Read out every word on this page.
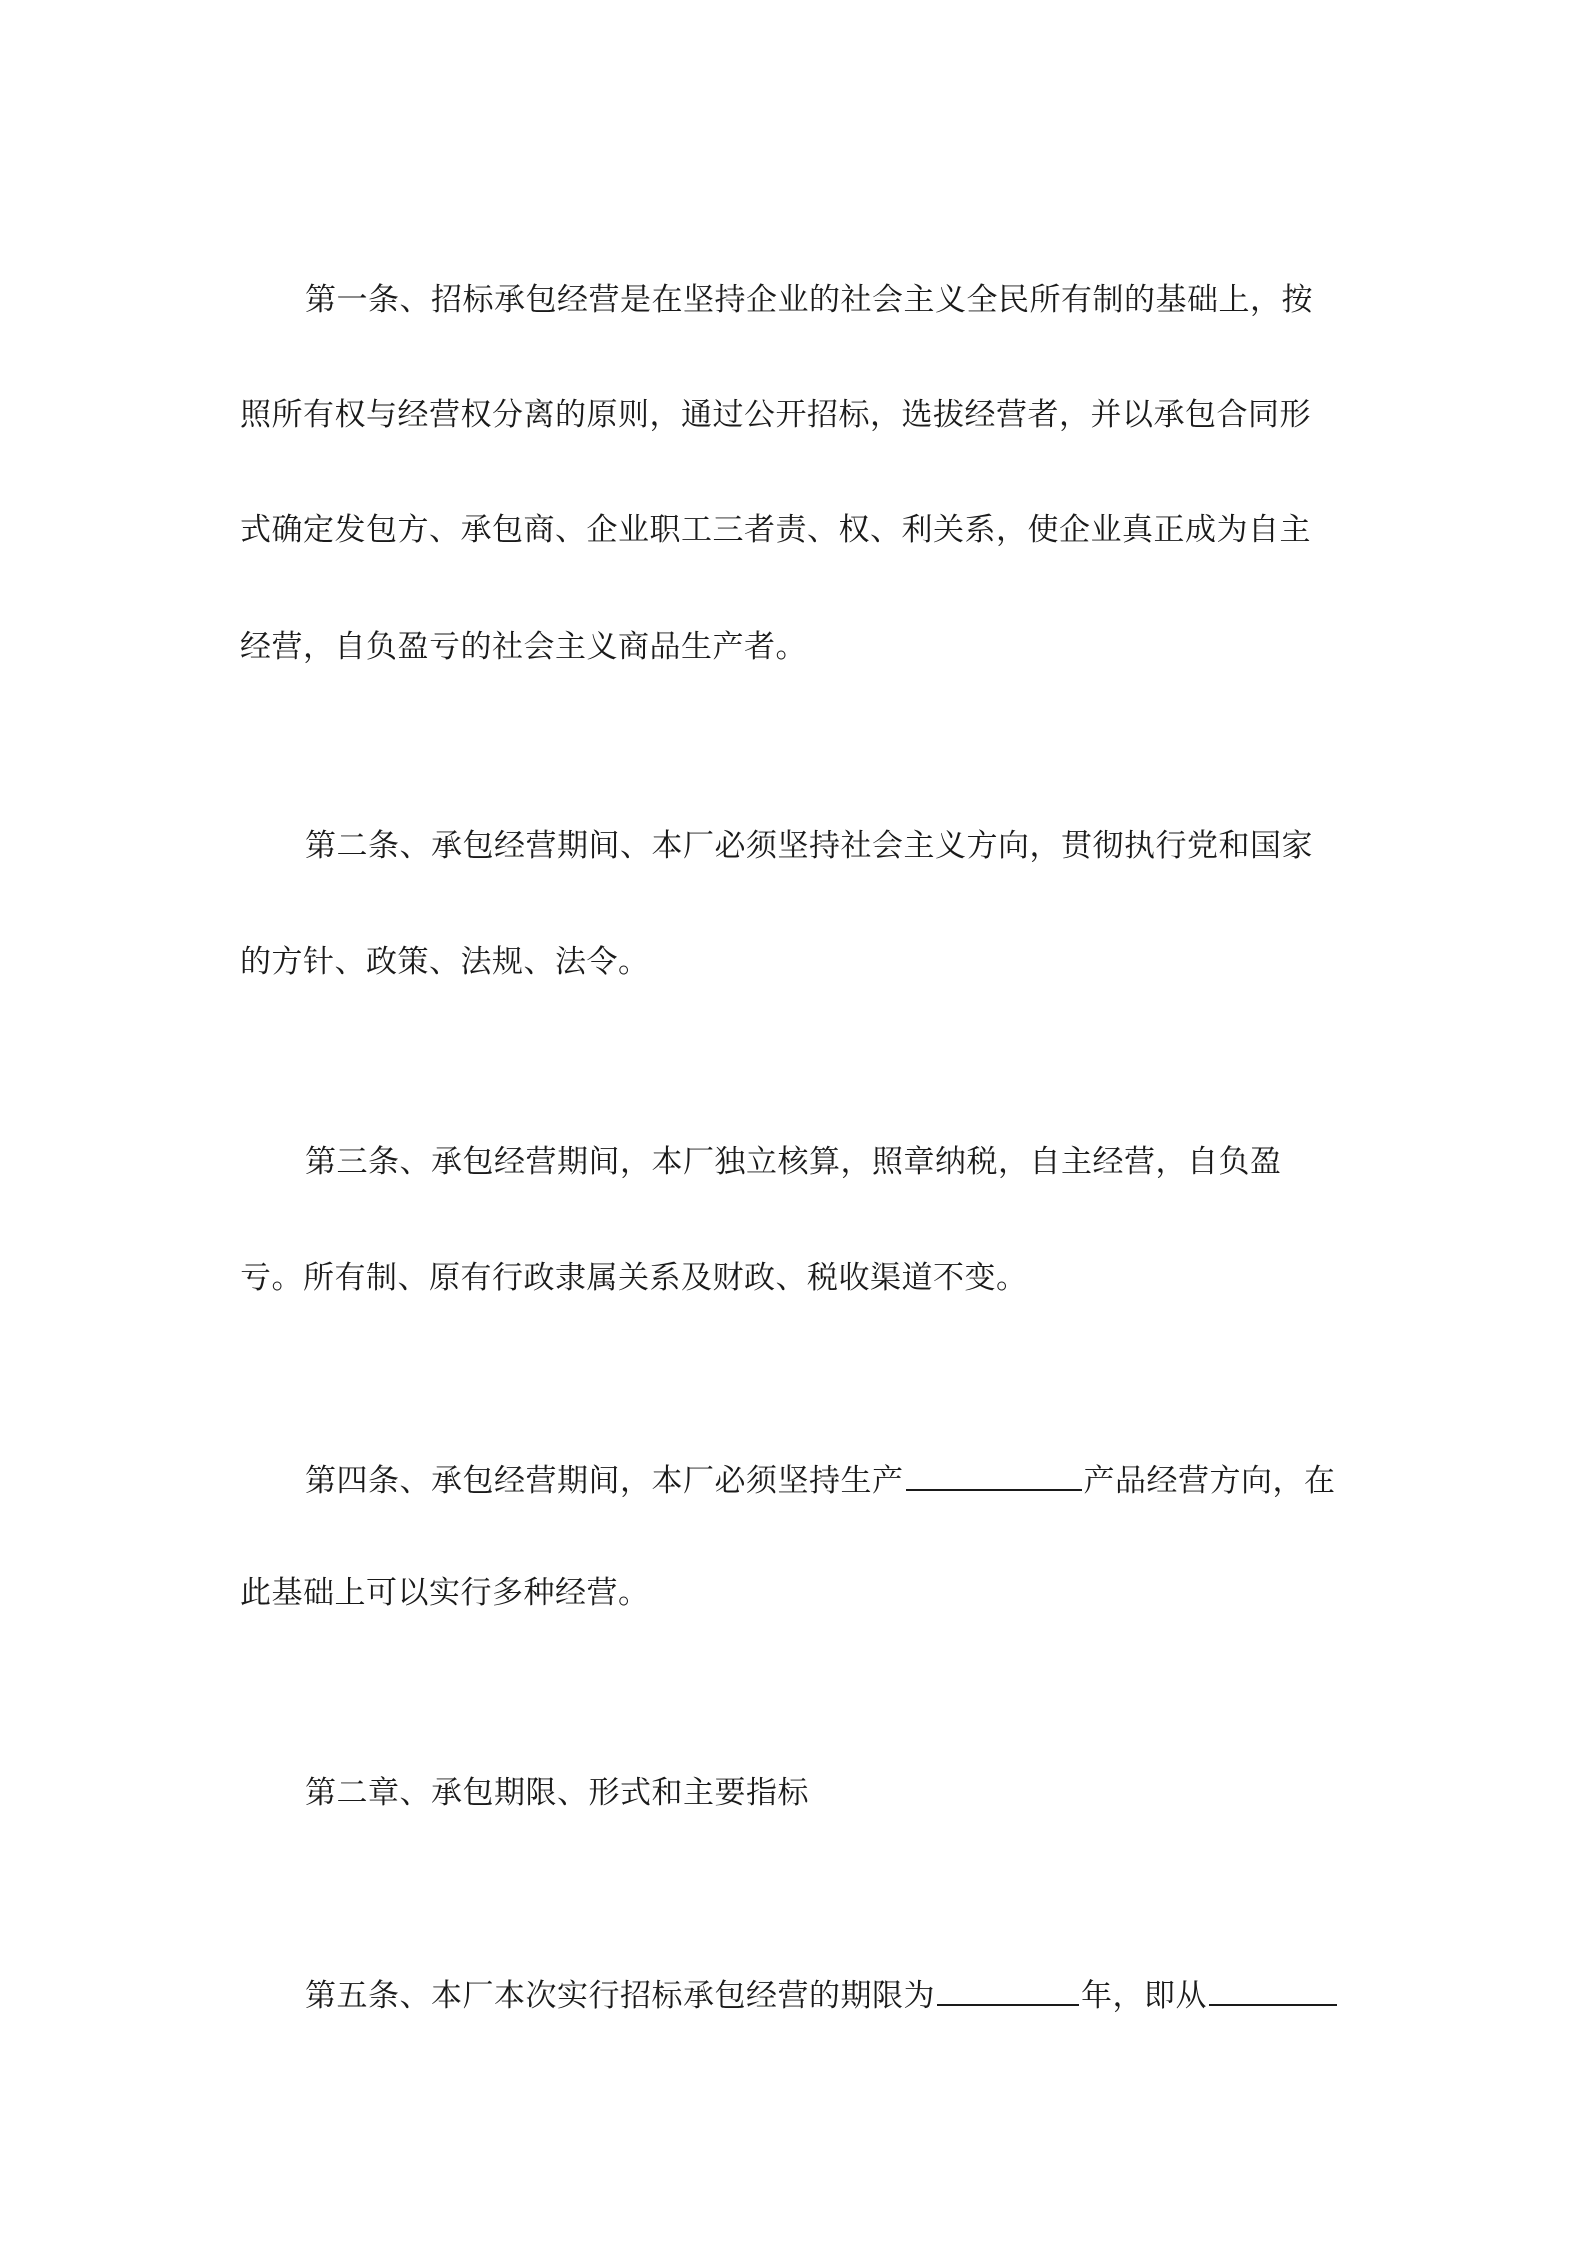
第一条、招标承包经营是在坚持企业的社会主义全民所有制的基础上，按
照所有权与经营权分离的原则，通过公开招标，选拔经营者，并以承包合同形
式确定发包方、承包商、企业职工三者责、权、利关系，使企业真正成为自主
经营，自负盈亏的社会主义商品生产者。
第二条、承包经营期间、本厂必须坚持社会主义方向，贯彻执行党和国家
的方针、政策、法规、法令。
第三条、承包经营期间，本厂独立核算，照章纳税，自主经营，自负盈
亏。所有制、原有行政隶属关系及财政、税收渠道不变。
第四条、承包经营期间，本厂必须坚持生产	产品经营方向，在
此基础上可以实行多种经营。
第二章、承包期限、形式和主要指标
第五条、本厂本次实行招标承包经营的期限为	年，即从
